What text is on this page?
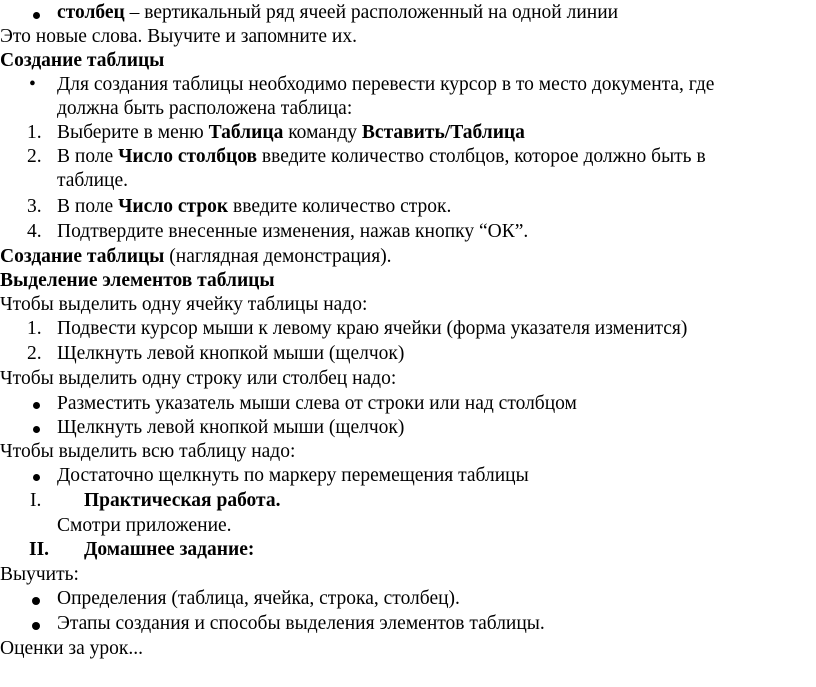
столбец – вертикальный ряд ячеей расположенный на одной линии
Это новые слова. Выучите и запомните их.
Создание таблицы
• Для создания таблицы необходимо перевести курсор в то место документа, где
должна быть расположена таблица:
1. Выберите в меню Таблица команду Вставить/Таблица
2. В поле Число столбцов введите количество столбцов, которое должно быть в
таблице.
3. В поле Число строк введите количество строк.
4. Подтвердите внесенные изменения, нажав кнопку “ОК”.
Создание таблицы (наглядная демонстрация).
Выделение элементов таблицы
Чтобы выделить одну ячейку таблицы надо:
1. Подвести курсор мыши к левому краю ячейки (форма указателя изменится)
2. Щелкнуть левой кнопкой мыши (щелчок)
Чтобы выделить одну строку или столбец надо:
Разместить указатель мыши слева от строки или над столбцом
Щелкнуть левой кнопкой мыши (щелчок)
Чтобы выделить всю таблицу надо:
Достаточно щелкнуть по маркеру перемещения таблицы
I. Практическая работа.
Смотри приложение.
II. Домашнее задание:
Выучить:
Определения (таблица, ячейка, строка, столбец).
Этапы создания и способы выделения элементов таблицы.
Оценки за урок...
